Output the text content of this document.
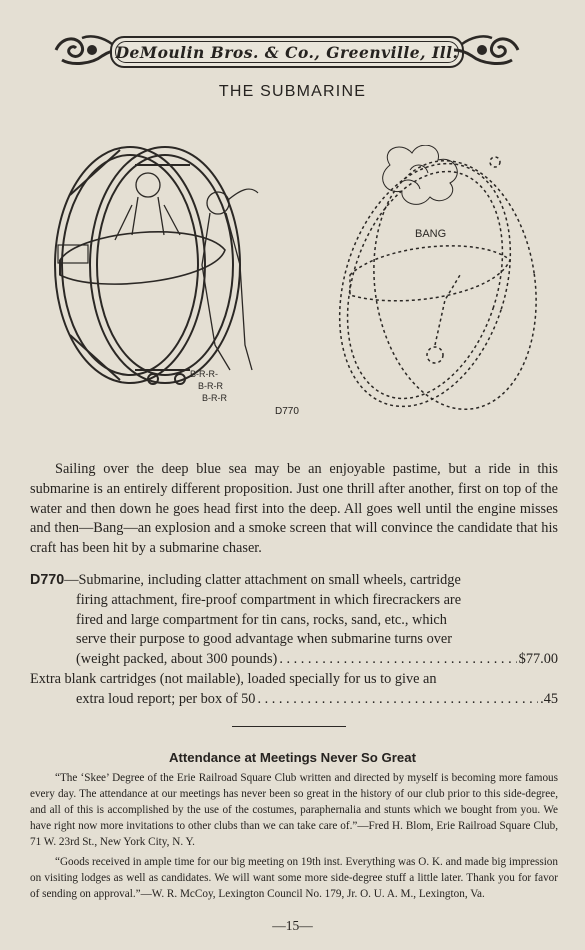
DeMoulin Bros. & Co., Greenville, Ill.
THE SUBMARINE
B-R-R-
B-R-R
B-R-R
BANG
D770
Sailing over the deep blue sea may be an enjoyable pastime, but a ride in this submarine is an entirely different proposition. Just one thrill after another, first on top of the water and then down he goes head first into the deep. All goes well until the engine misses and then—Bang—an explosion and a smoke screen that will convince the candidate that his craft has been hit by a submarine chaser.
D770—Submarine, including clatter attachment on small wheels, cartridge
firing attachment, fire-proof compartment in which firecrackers are
fired and large compartment for tin cans, rocks, sand, etc., which
serve their purpose to good advantage when submarine turns over
(weight packed, about 300 pounds) . . .	$77.00
Extra blank cartridges (not mailable), loaded specially for us to give an
extra loud report; per box of 50 . . .	.45
Attendance at Meetings Never So Great
“The ‘Skee’ Degree of the Erie Railroad Square Club written and directed by myself is becoming more famous every day. The attendance at our meetings has never been so great in the history of our club prior to this side-degree, and all of this is accomplished by the use of the costumes, paraphernalia and stunts which we bought from you. We have right now more invitations to other clubs than we can take care of.”—Fred H. Blom, Erie Railroad Square Club, 71 W. 23rd St., New York City, N. Y.
“Goods received in ample time for our big meeting on 19th inst. Everything was O. K. and made big impression on visiting lodges as well as candidates. We will want some more side-degree stuff a little later. Thank you for favor of sending on approval.”—W. R. McCoy, Lexington Council No. 179, Jr. O. U. A. M., Lexington, Va.
—15—
